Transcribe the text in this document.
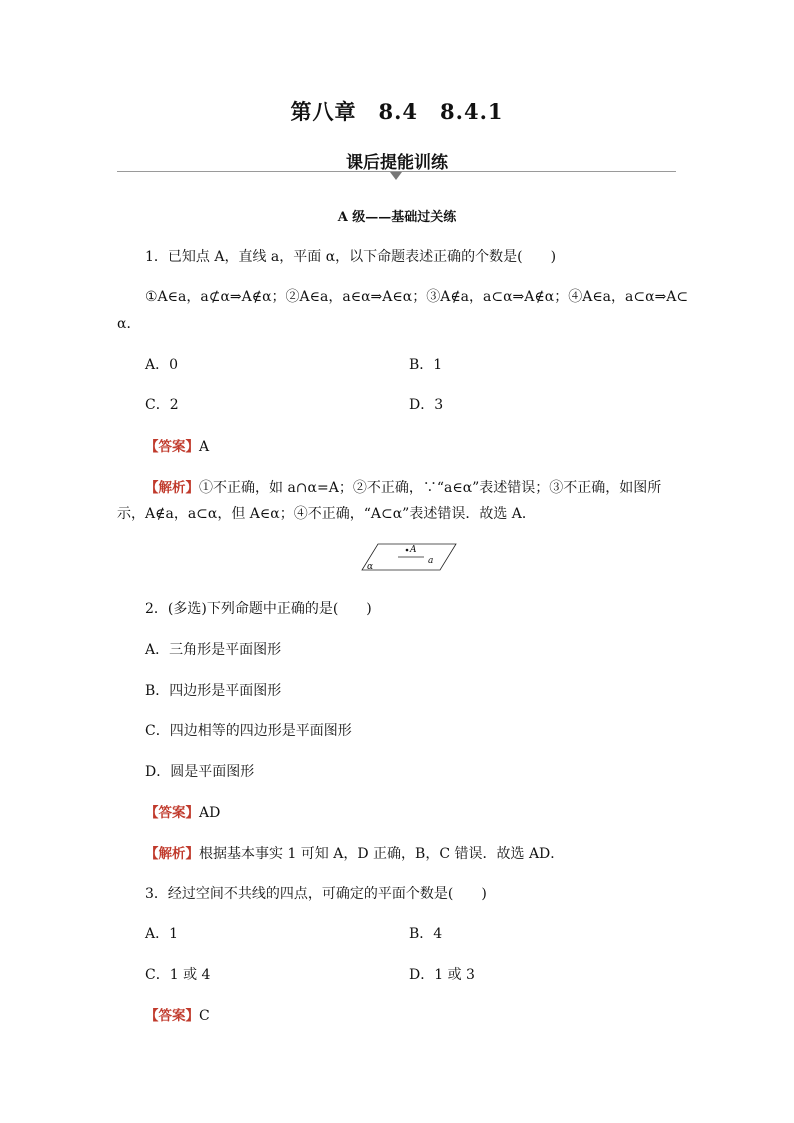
第八章　8.4　8.4.1
课后提能训练
A 级——基础过关练
1．已知点 A，直线 a，平面 α，以下命题表述正确的个数是(　　)
①A∈a，a⊄α⇒A∉α；②A∈a，a∈α⇒A∈α；③A∉a，a⊂α⇒A∉α；④A∈a，a⊂α⇒A⊂
α．
A．0	B．1
C．2	D．3
【答案】A
【解析】①不正确，如 a∩α=A；②不正确，∵“a∈α”表述错误；③不正确，如图所
示，A∉a，a⊂α，但 A∈α；④不正确，“A⊂α”表述错误．故选 A．
A
a
α
2．(多选)下列命题中正确的是(　　)
A．三角形是平面图形
B．四边形是平面图形
C．四边相等的四边形是平面图形
D．圆是平面图形
【答案】AD
【解析】根据基本事实 1 可知 A，D 正确，B，C 错误．故选 AD．
3．经过空间不共线的四点，可确定的平面个数是(　　)
A．1	B．4
C．1 或 4	D．1 或 3
【答案】C
